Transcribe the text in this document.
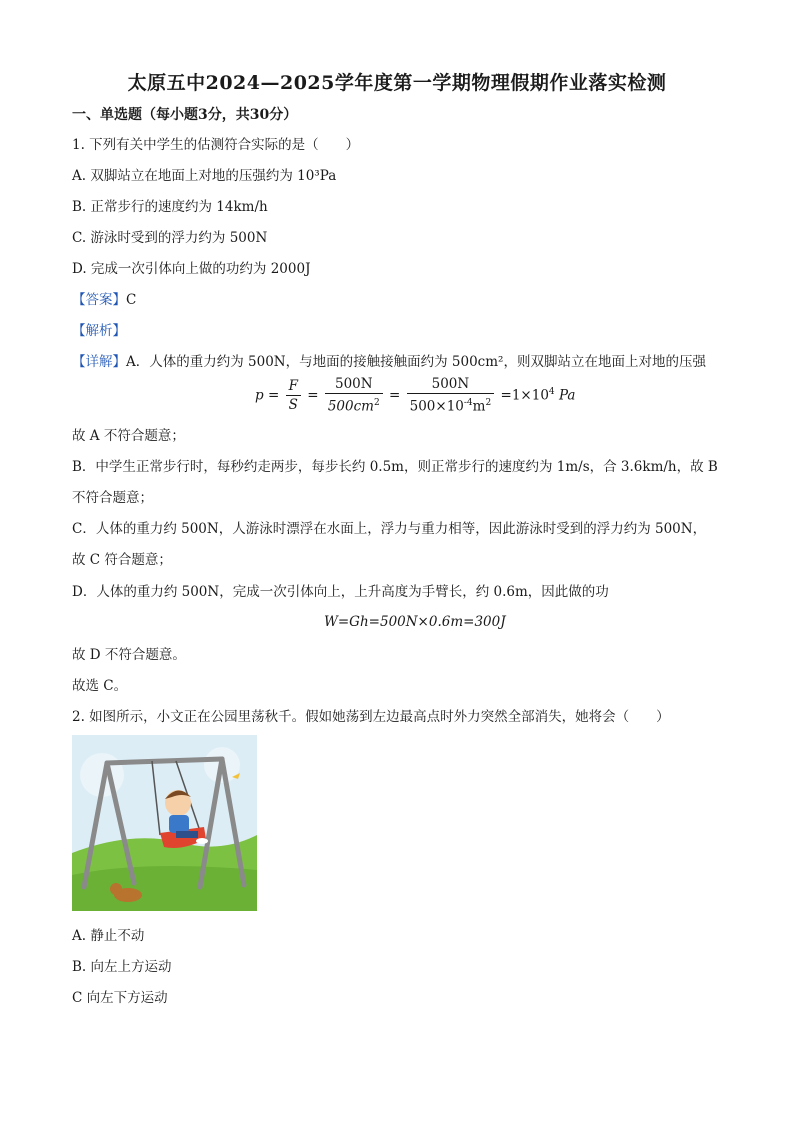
太原五中2024—2025学年度第一学期物理假期作业落实检测
一、单选题（每小题3分，共30分）
1. 下列有关中学生的估测符合实际的是（　　）
A. 双脚站立在地面上对地的压强约为 10³Pa
B. 正常步行的速度约为 14km/h
C. 游泳时受到的浮力约为 500N
D. 完成一次引体向上做的功约为 2000J
【答案】C
【解析】
【详解】A．人体的重力约为 500N，与地面的接触接触面约为 500cm²，则双脚站立在地面上对地的压强
$p = \frac{F}{S} = \frac{500N}{500cm^2} = \frac{500N}{500\times 10^{-4}m^2} =1\times 10^4$ Pa
故 A 不符合题意；
B．中学生正常步行时，每秒约走两步，每步长约 0.5m，则正常步行的速度约为 1m/s，合 3.6km/h，故 B
不符合题意；
C．人体的重力约 500N，人游泳时漂浮在水面上，浮力与重力相等，因此游泳时受到的浮力约为 500N，
故 C 符合题意；
D．人体的重力约 500N，完成一次引体向上，上升高度为手臂长，约 0.6m，因此做的功
W=Gh=500N×0.6m=300J
故 D 不符合题意。
故选 C。
2. 如图所示，小文正在公园里荡秋千。假如她荡到左边最高点时外力突然全部消失，她将会（　　）
A. 静止不动
B. 向左上方运动
C 向左下方运动
